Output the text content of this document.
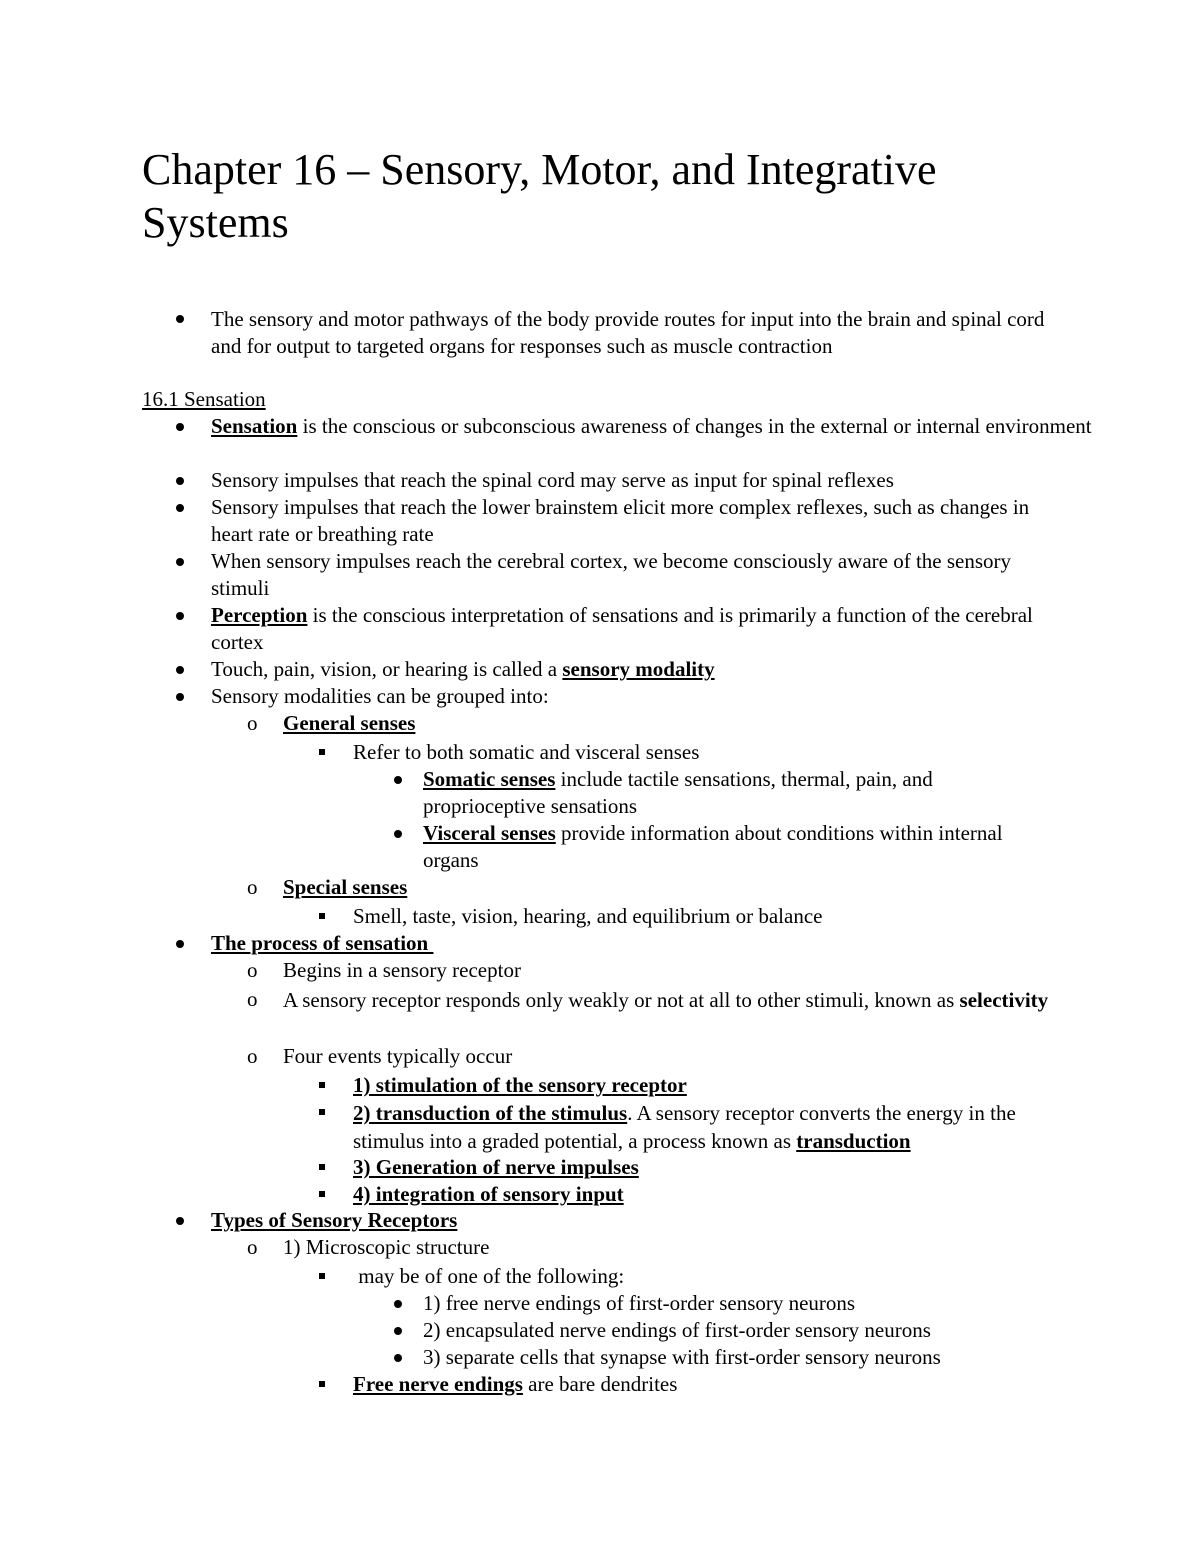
Chapter 16 – Sensory, Motor, and Integrative Systems
The sensory and motor pathways of the body provide routes for input into the brain and spinal cord and for output to targeted organs for responses such as muscle contraction
16.1 Sensation
Sensation is the conscious or subconscious awareness of changes in the external or internal environment
Sensory impulses that reach the spinal cord may serve as input for spinal reflexes
Sensory impulses that reach the lower brainstem elicit more complex reflexes, such as changes in heart rate or breathing rate
When sensory impulses reach the cerebral cortex, we become consciously aware of the sensory stimuli
Perception is the conscious interpretation of sensations and is primarily a function of the cerebral cortex
Touch, pain, vision, or hearing is called a sensory modality
Sensory modalities can be grouped into:
o General senses
Refer to both somatic and visceral senses
Somatic senses include tactile sensations, thermal, pain, and proprioceptive sensations
Visceral senses provide information about conditions within internal organs
o Special senses
Smell, taste, vision, hearing, and equilibrium or balance
The process of sensation
o Begins in a sensory receptor
o A sensory receptor responds only weakly or not at all to other stimuli, known as selectivity
o Four events typically occur
1) stimulation of the sensory receptor
2) transduction of the stimulus. A sensory receptor converts the energy in the stimulus into a graded potential, a process known as transduction
3) Generation of nerve impulses
4) integration of sensory input
Types of Sensory Receptors
o 1) Microscopic structure
may be of one of the following:
1) free nerve endings of first-order sensory neurons
2) encapsulated nerve endings of first-order sensory neurons
3) separate cells that synapse with first-order sensory neurons
Free nerve endings are bare dendrites
